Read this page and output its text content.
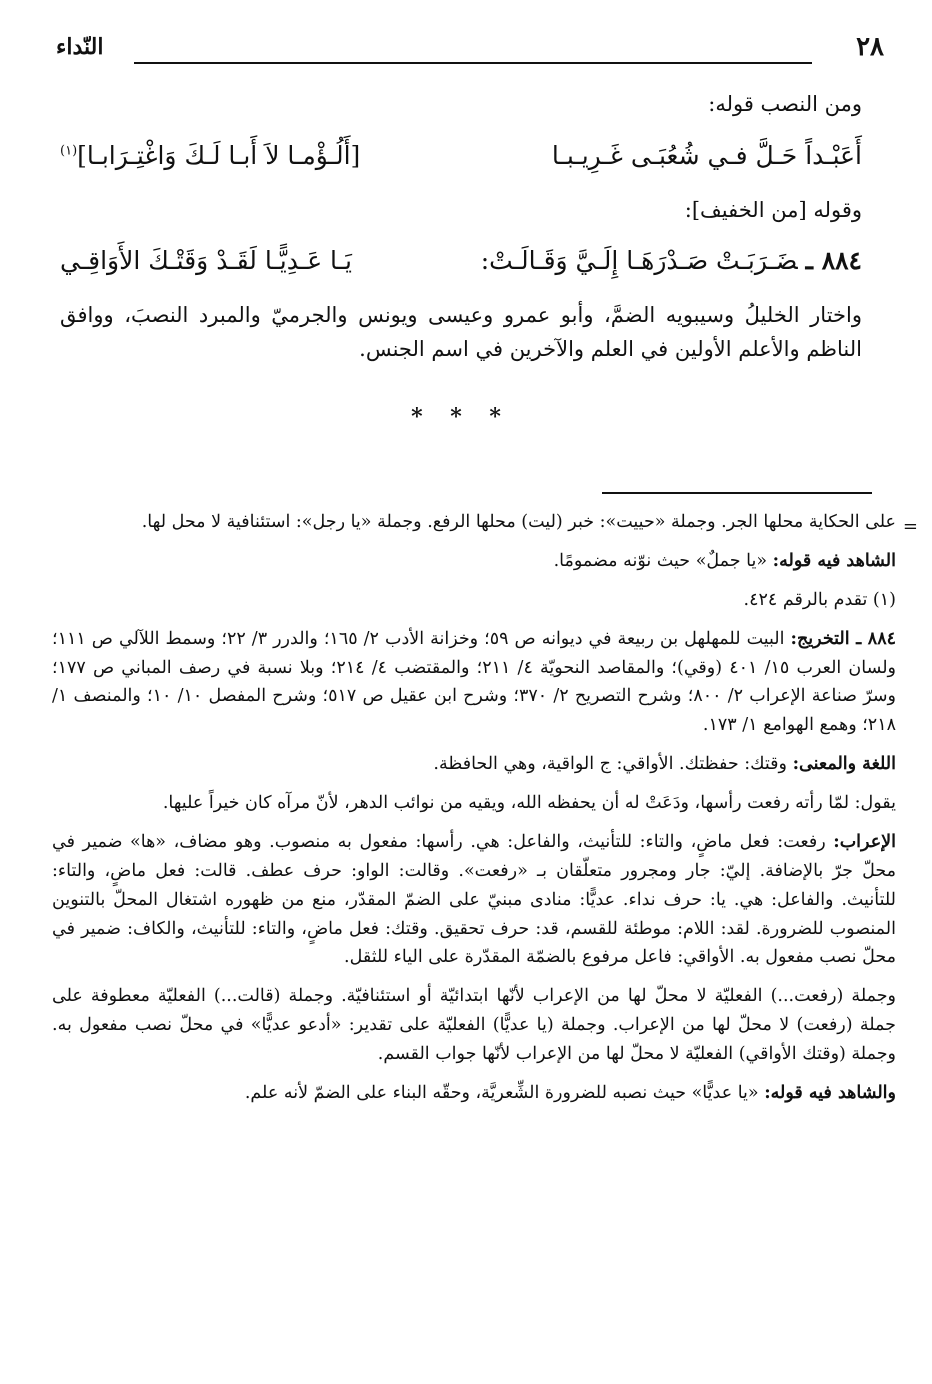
٢٨
النّداء

ومن النصب قوله:

أَعَبْـداً حَـلَّ فـي شُعُبَـى غَـرِيـبـا
[أَلُـؤْمـا لاَ أَبـا لَـكَ وَاغْتِـرَابـا]$^{(١)}$

وقوله [من الخفيف]:

٨٨٤ ـضَـرَبَـتْ صَـدْرَهَـا إِلَـيَّ وَقَـالَـتْ:
يَـا عَـدِيًّـا لَقَـدْ وَقَتْـكَ الأَوَاقِـي

واختار الخليلُ وسيبويه الضمَّ، وأبو عمرو وعيسى ويونس والجرميّ والمبرد النصبَ، ووافق الناظم والأعلم الأولين في العلم والآخرين في اسم الجنس.

* * *
=

على الحكاية محلها الجر. وجملة «حييت»: خبر (ليت) محلها الرفع. وجملة «يا رجل»: استئنافية لا محل لها.

الشاهد فيه قوله: «يا جملٌ» حيث نوّنه مضمومًا.

(١) تقدم بالرقم ٤٢٤.

٨٨٤ ـ التخريج: البيت للمهلهل بن ربيعة في ديوانه ص ٥٩؛ وخزانة الأدب ٢/ ١٦٥؛ والدرر ٣/ ٢٢؛ وسمط اللآلي ص ١١١؛ ولسان العرب ١٥/ ٤٠١ (وقي)؛ والمقاصد النحويّة ٤/ ٢١١؛ والمقتضب ٤/ ٢١٤؛ وبلا نسبة في رصف المباني ص ١٧٧؛ وسرّ صناعة الإعراب ٢/ ٨٠٠؛ وشرح التصريح ٢/ ٣٧٠؛ وشرح ابن عقيل ص ٥١٧؛ وشرح المفصل ١٠/ ١٠؛ والمنصف ١/ ٢١٨؛ وهمع الهوامع ١/ ١٧٣.

اللغة والمعنى: وقتك: حفظتك. الأواقي: ج الواقية، وهي الحافظة.

يقول: لمّا رأته رفعت رأسها، ودَعَتْ له أن يحفظه الله، ويقيه من نوائب الدهر، لأنّ مرآه كان خيراً عليها.

الإعراب: رفعت: فعل ماضٍ، والتاء: للتأنيث، والفاعل: هي. رأسها: مفعول به منصوب. وهو مضاف، «ها» ضمير في محلّ جرّ بالإضافة. إليّ: جار ومجرور متعلّقان بـ «رفعت». وقالت: الواو: حرف عطف. قالت: فعل ماضٍ، والتاء: للتأنيث. والفاعل: هي. يا: حرف نداء. عديًّا: منادى مبنيّ على الضمّ المقدّر، منع من ظهوره اشتغال المحلّ بالتنوين المنصوب للضرورة. لقد: اللام: موطئة للقسم، قد: حرف تحقيق. وقتك: فعل ماضٍ، والتاء: للتأنيث، والكاف: ضمير في محلّ نصب مفعول به. الأواقي: فاعل مرفوع بالضمّة المقدّرة على الياء للثقل.

وجملة (رفعت...) الفعليّة لا محلّ لها من الإعراب لأنّها ابتدائيّة أو استئنافيّة. وجملة (قالت...) الفعليّة معطوفة على جملة (رفعت) لا محلّ لها من الإعراب. وجملة (يا عديًّا) الفعليّة على تقدير: «أدعو عديًّا» في محلّ نصب مفعول به. وجملة (وقتك الأواقي) الفعليّة لا محلّ لها من الإعراب لأنّها جواب القسم.

والشاهد فيه قوله: «يا عديًّا» حيث نصبه للضرورة الشِّعريَّة، وحقّه البناء على الضمّ لأنه علم.
